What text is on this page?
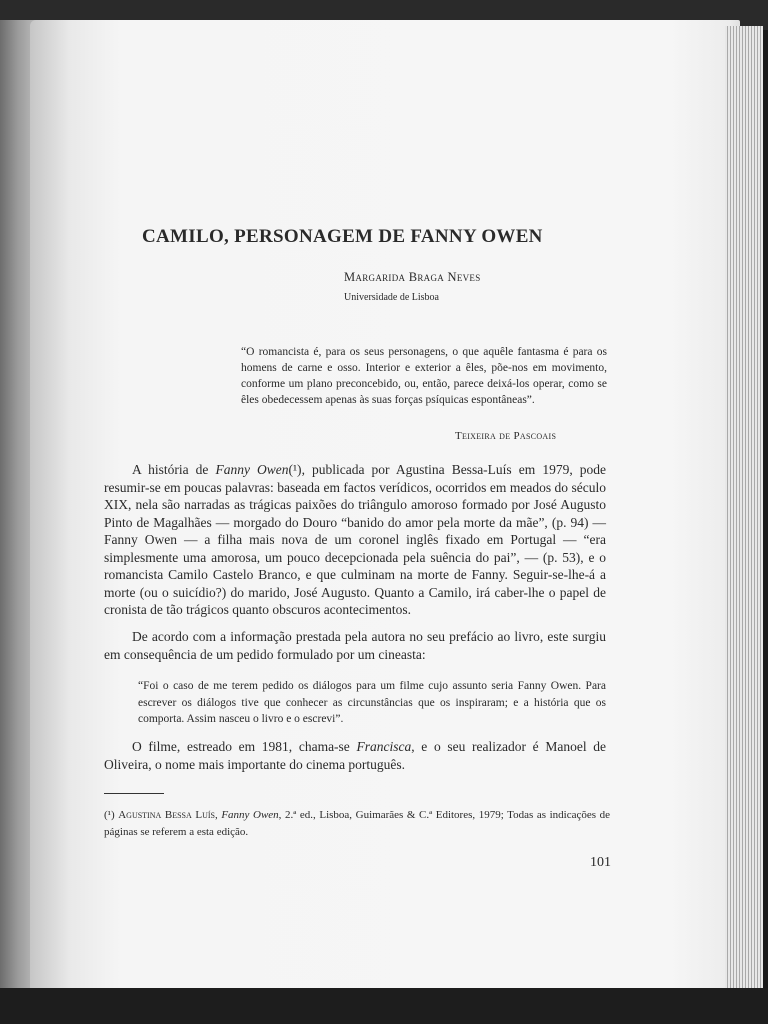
CAMILO, PERSONAGEM DE FANNY OWEN
Margarida Braga Neves
Universidade de Lisboa
“O romancista é, para os seus personagens, o que aquêle fantasma é para os homens de carne e osso. Interior e exterior a êles, põe-nos em movimento, conforme um plano preconcebido, ou, então, parece deixá-los operar, como se êles obedecessem apenas às suas forças psíquicas espontâneas”.
Teixeira de Pascoais

A história de Fanny Owen(¹), publicada por Agustina Bessa-Luís em 1979, pode resumir-se em poucas palavras: baseada em factos verídicos, ocorridos em meados do século XIX, nela são narradas as trágicas paixões do triângulo amoroso formado por José Augusto Pinto de Magalhães — morgado do Douro “banido do amor pela morte da mãe”, (p. 94) — Fanny Owen — a filha mais nova de um coronel inglês fixado em Portugal — “era simplesmente uma amorosa, um pouco decepcionada pela suência do pai”, — (p. 53), e o romancista Camilo Castelo Branco, e que culminam na morte de Fanny. Seguir-se-lhe-á a morte (ou o suicídio?) do marido, José Augusto. Quanto a Camilo, irá caber-lhe o papel de cronista de tão trágicos quanto obscuros acontecimentos.

De acordo com a informação prestada pela autora no seu prefácio ao livro, este surgiu em consequência de um pedido formulado por um cineasta:

“Foi o caso de me terem pedido os diálogos para um filme cujo assunto seria Fanny Owen. Para escrever os diálogos tive que conhecer as circunstâncias que os inspiraram; e a história que os comporta. Assim nasceu o livro e o escrevi”.

O filme, estreado em 1981, chama-se Francisca, e o seu realizador é Manoel de Oliveira, o nome mais importante do cinema português.

(¹) Agustina Bessa Luís, Fanny Owen, 2.ª ed., Lisboa, Guimarães & C.ª Editores, 1979; Todas as indicações de páginas se referem a esta edição.
101
